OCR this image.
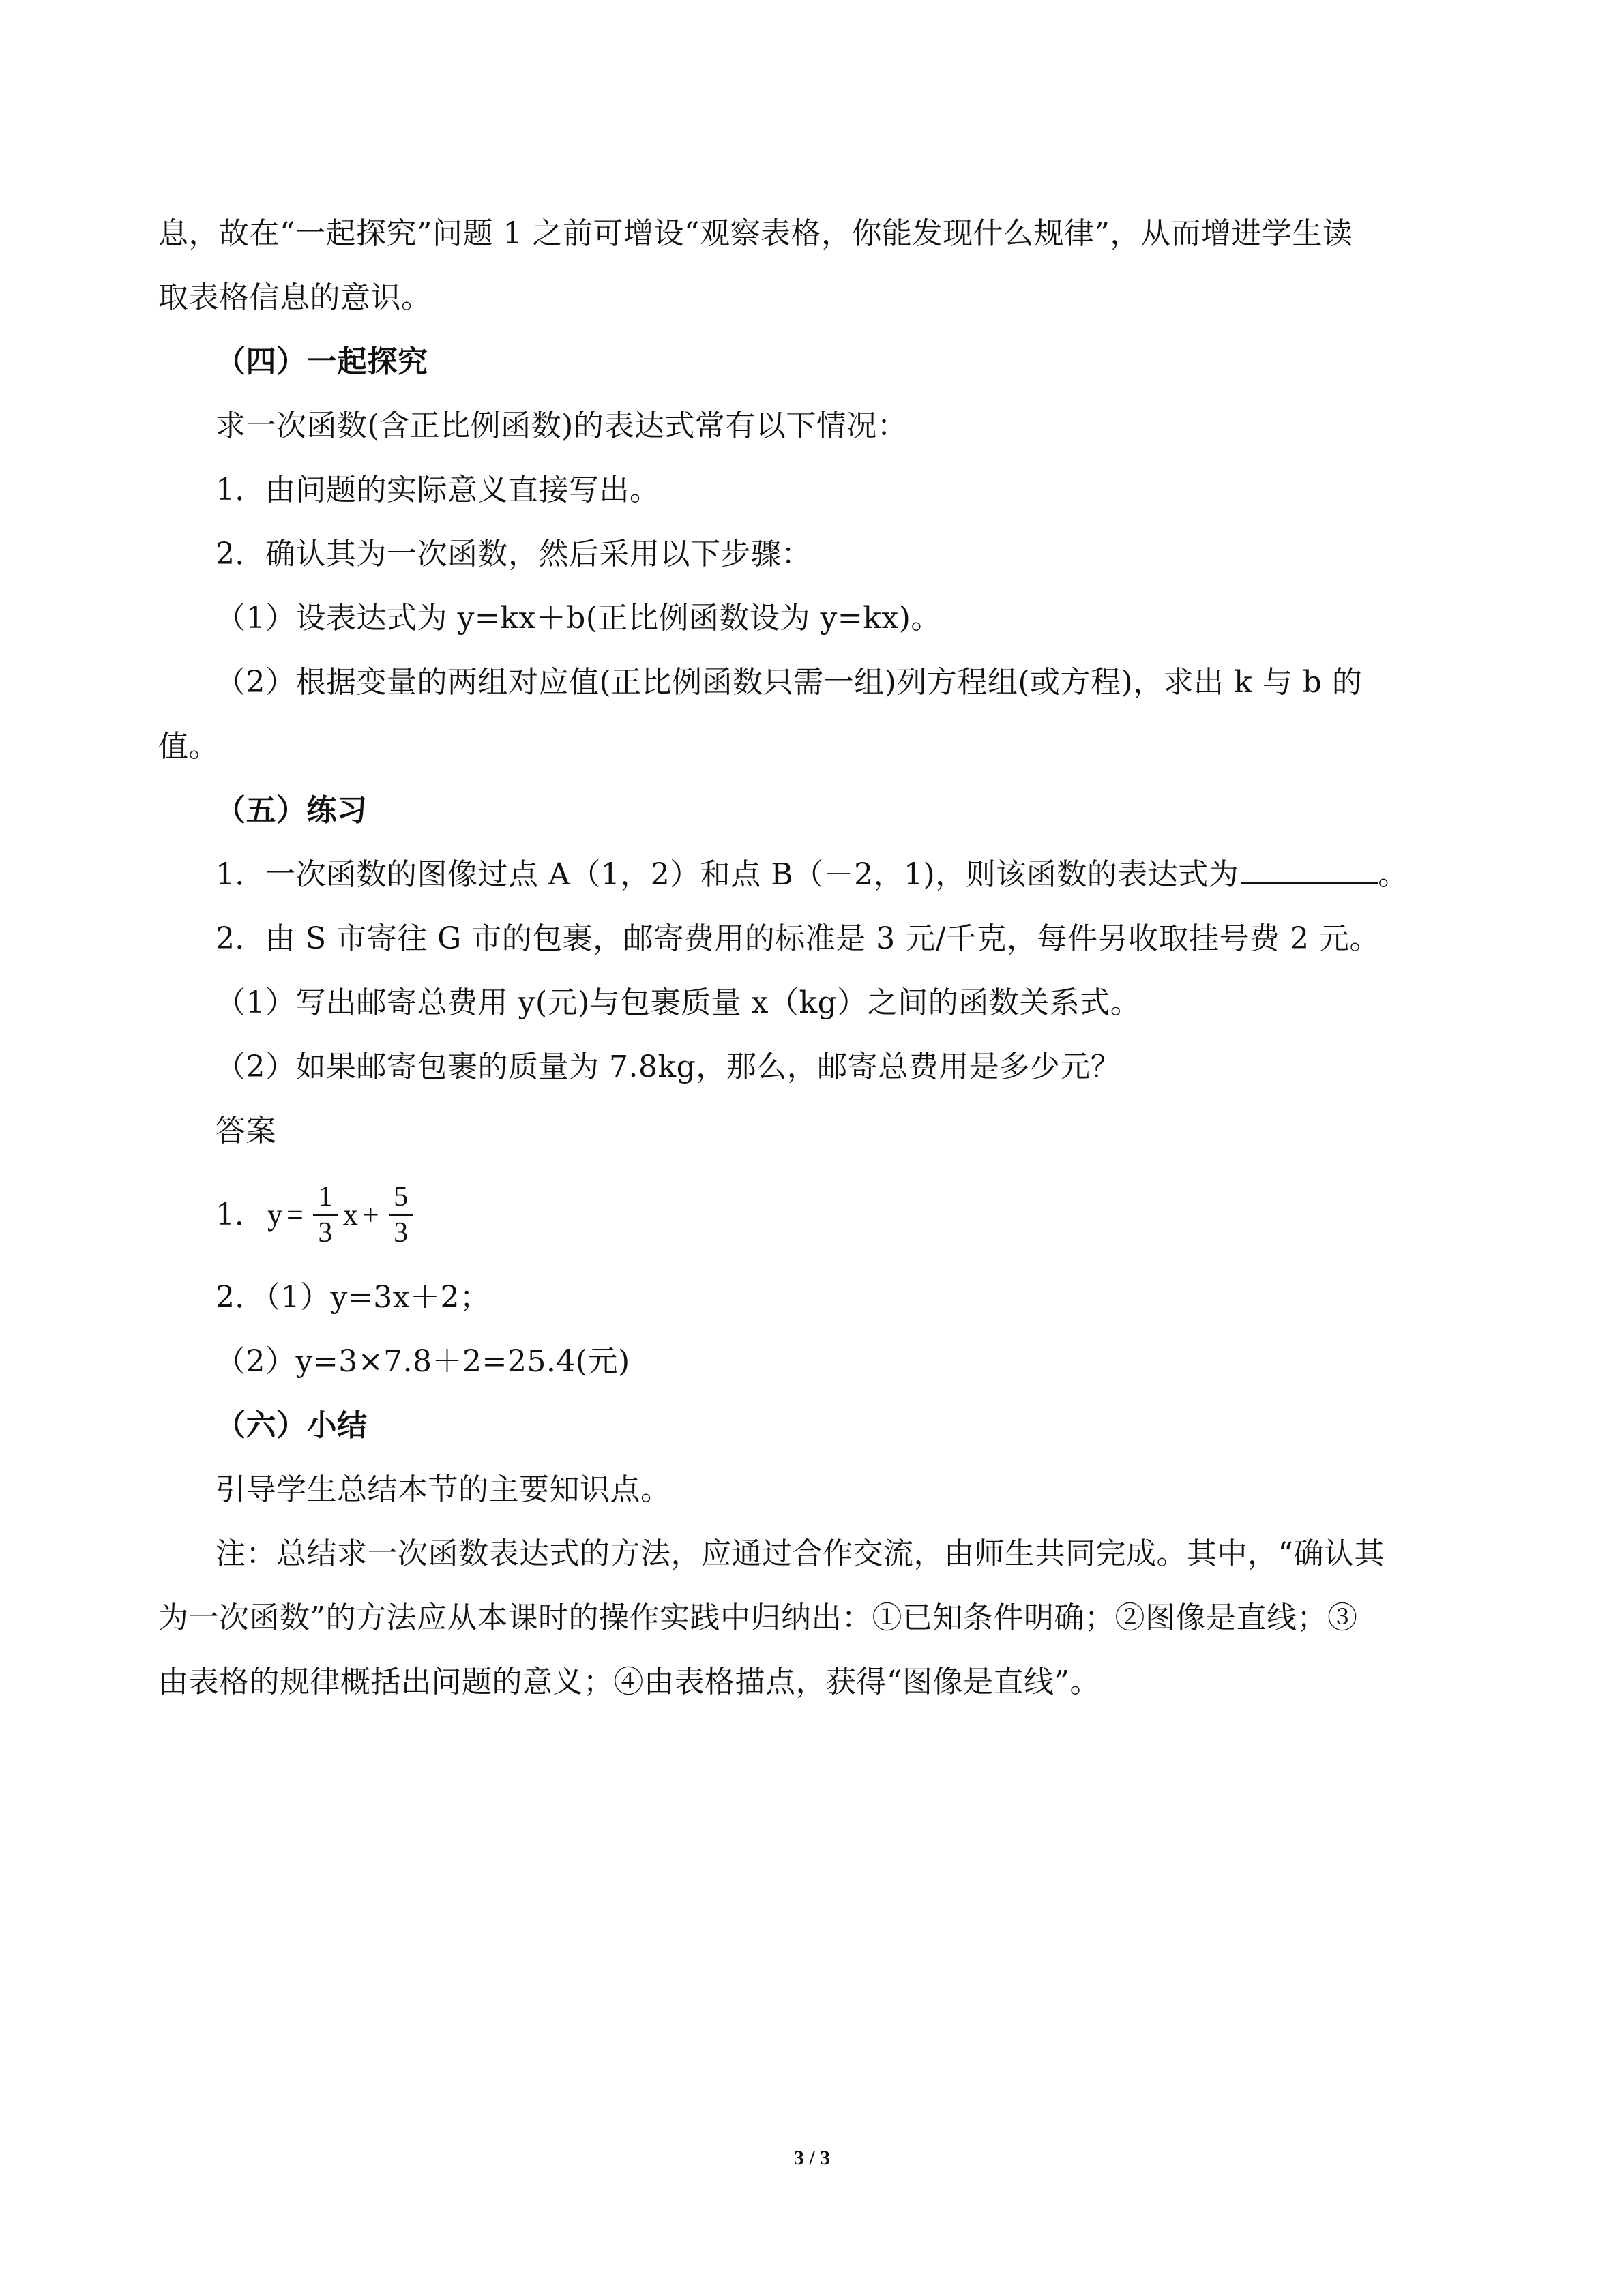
息，故在“一起探究”问题 1 之前可增设“观察表格，你能发现什么规律”，从而增进学生读
取表格信息的意识。
（四）一起探究
求一次函数(含正比例函数)的表达式常有以下情况：
1．由问题的实际意义直接写出。
2．确认其为一次函数，然后采用以下步骤：
（1）设表达式为 y=kx＋b(正比例函数设为 y=kx)。
（2）根据变量的两组对应值(正比例函数只需一组)列方程组(或方程)，求出 k 与 b 的
值。
（五）练习
1．一次函数的图像过点 A（1，2）和点 B（－2，1)，则该函数的表达式为	。
2．由 S 市寄往 G 市的包裹，邮寄费用的标准是 3 元/千克，每件另收取挂号费 2 元。
（1）写出邮寄总费用 y(元)与包裹质量 x（kg）之间的函数关系式。
（2）如果邮寄包裹的质量为 7.8kg，那么，邮寄总费用是多少元？
答案
1． $y = \frac{1}{3}$ $x + \frac{5}{3}$
2．（1）y=3x＋2；
（2）y=3×7.8＋2=25.4(元)
（六）小结
引导学生总结本节的主要知识点。
注：总结求一次函数表达式的方法，应通过合作交流，由师生共同完成。其中，“确认其
为一次函数”的方法应从本课时的操作实践中归纳出：①已知条件明确；②图像是直线；③
由表格的规律概括出问题的意义；④由表格描点，获得“图像是直线”。
3 / 3
